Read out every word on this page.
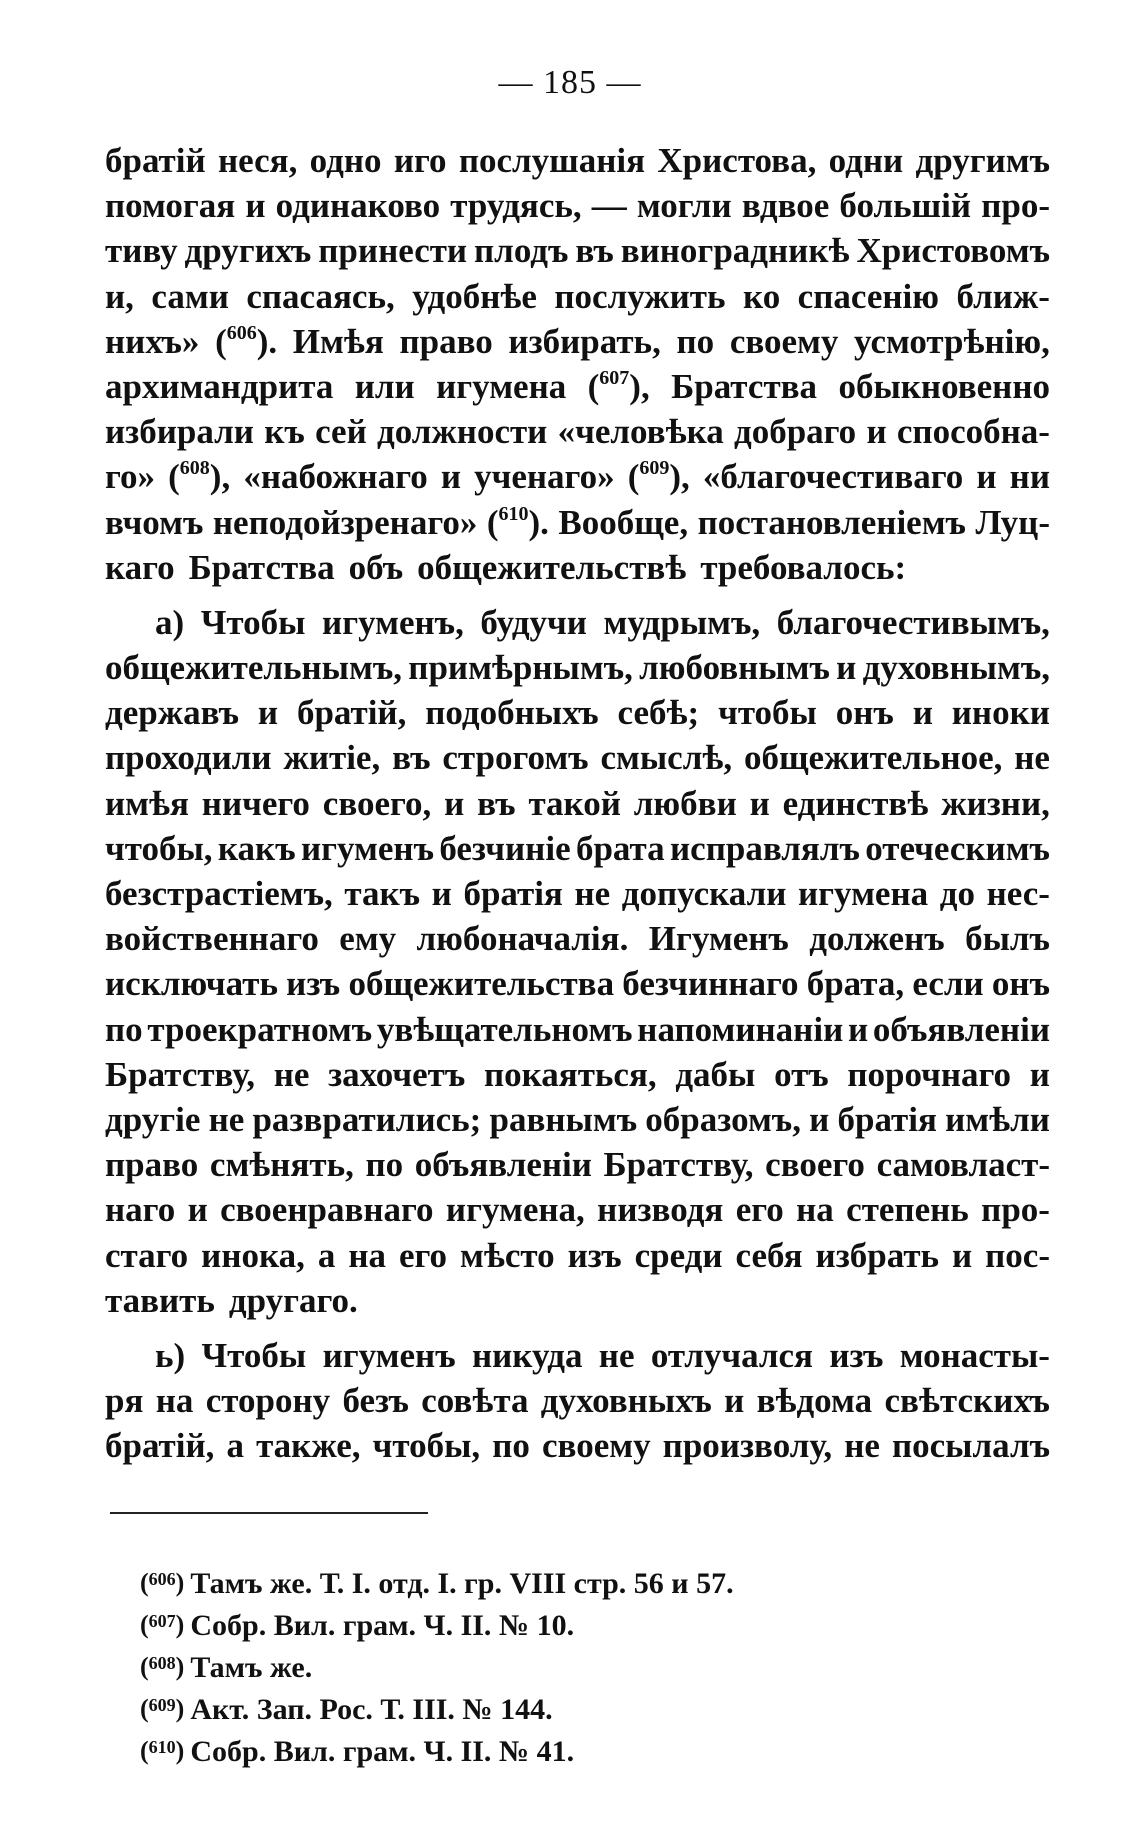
— 185 —
братій неся, одно иго послушанія Христова, одни другимъ
помогая и одинаково трудясь, — могли вдвое большій про-
тиву другихъ принести плодъ въ виноградникѣ Христовомъ
и, сами спасаясь, удобнѣе послужить ко спасенію ближ-
нихъ» ($^{606}$). Имѣя право избирать, по своему усмотрѣнію,
архимандрита или игумена ($^{607}$), Братства обыкновенно
избирали къ сей должности «человѣка добраго и способна-
го» ($^{608}$), «набожнаго и ученаго» ($^{609}$), «благочестиваго и ни
вчомъ неподойзренаго» ($^{610}$). Вообще, постановленіемъ Луц-
каго Братства объ общежительствѣ требовалось:
а) Чтобы игуменъ, будучи мудрымъ, благочестивымъ,
общежительнымъ, примѣрнымъ, любовнымъ и духовнымъ,
державъ и братій, подобныхъ себѣ; чтобы онъ и иноки
проходили житіе, въ строгомъ смыслѣ, общежительное, не
имѣя ничего своего, и въ такой любви и единствѣ жизни,
чтобы, какъ игуменъ безчиніе брата исправлялъ отеческимъ
безстрастіемъ, такъ и братія не допускали игумена до нес-
войственнаго ему любоначалія. Игуменъ долженъ былъ
исключать изъ общежительства безчиннаго брата, если онъ
по троекратномъ увѣщательномъ напоминаніи и объявленіи
Братству, не захочетъ покаяться, дабы отъ порочнаго и
другіе не развратились; равнымъ образомъ, и братія имѣли
право смѣнять, по объявленіи Братству, своего самовласт-
наго и своенравнаго игумена, низводя его на степень про-
стаго инока, а на его мѣсто изъ среди себя избрать и пос-
тавить другаго.
ь) Чтобы игуменъ никуда не отлучался изъ монасты-
ря на сторону безъ совѣта духовныхъ и вѣдома свѣтскихъ
братій, а также, чтобы, по своему произволу, не посылалъ
( $^{606}$ ) Тамъ же. Т. І. отд. І. гр. VIII стр. 56 и 57.
( $^{607}$ ) Собр. Вил. грам. Ч. II. № 10.
( $^{608}$ ) Тамъ же.
( $^{609}$ ) Акт. Зап. Рос. Т. III. № 144.
( $^{610}$ ) Собр. Вил. грам. Ч. II. № 41.
